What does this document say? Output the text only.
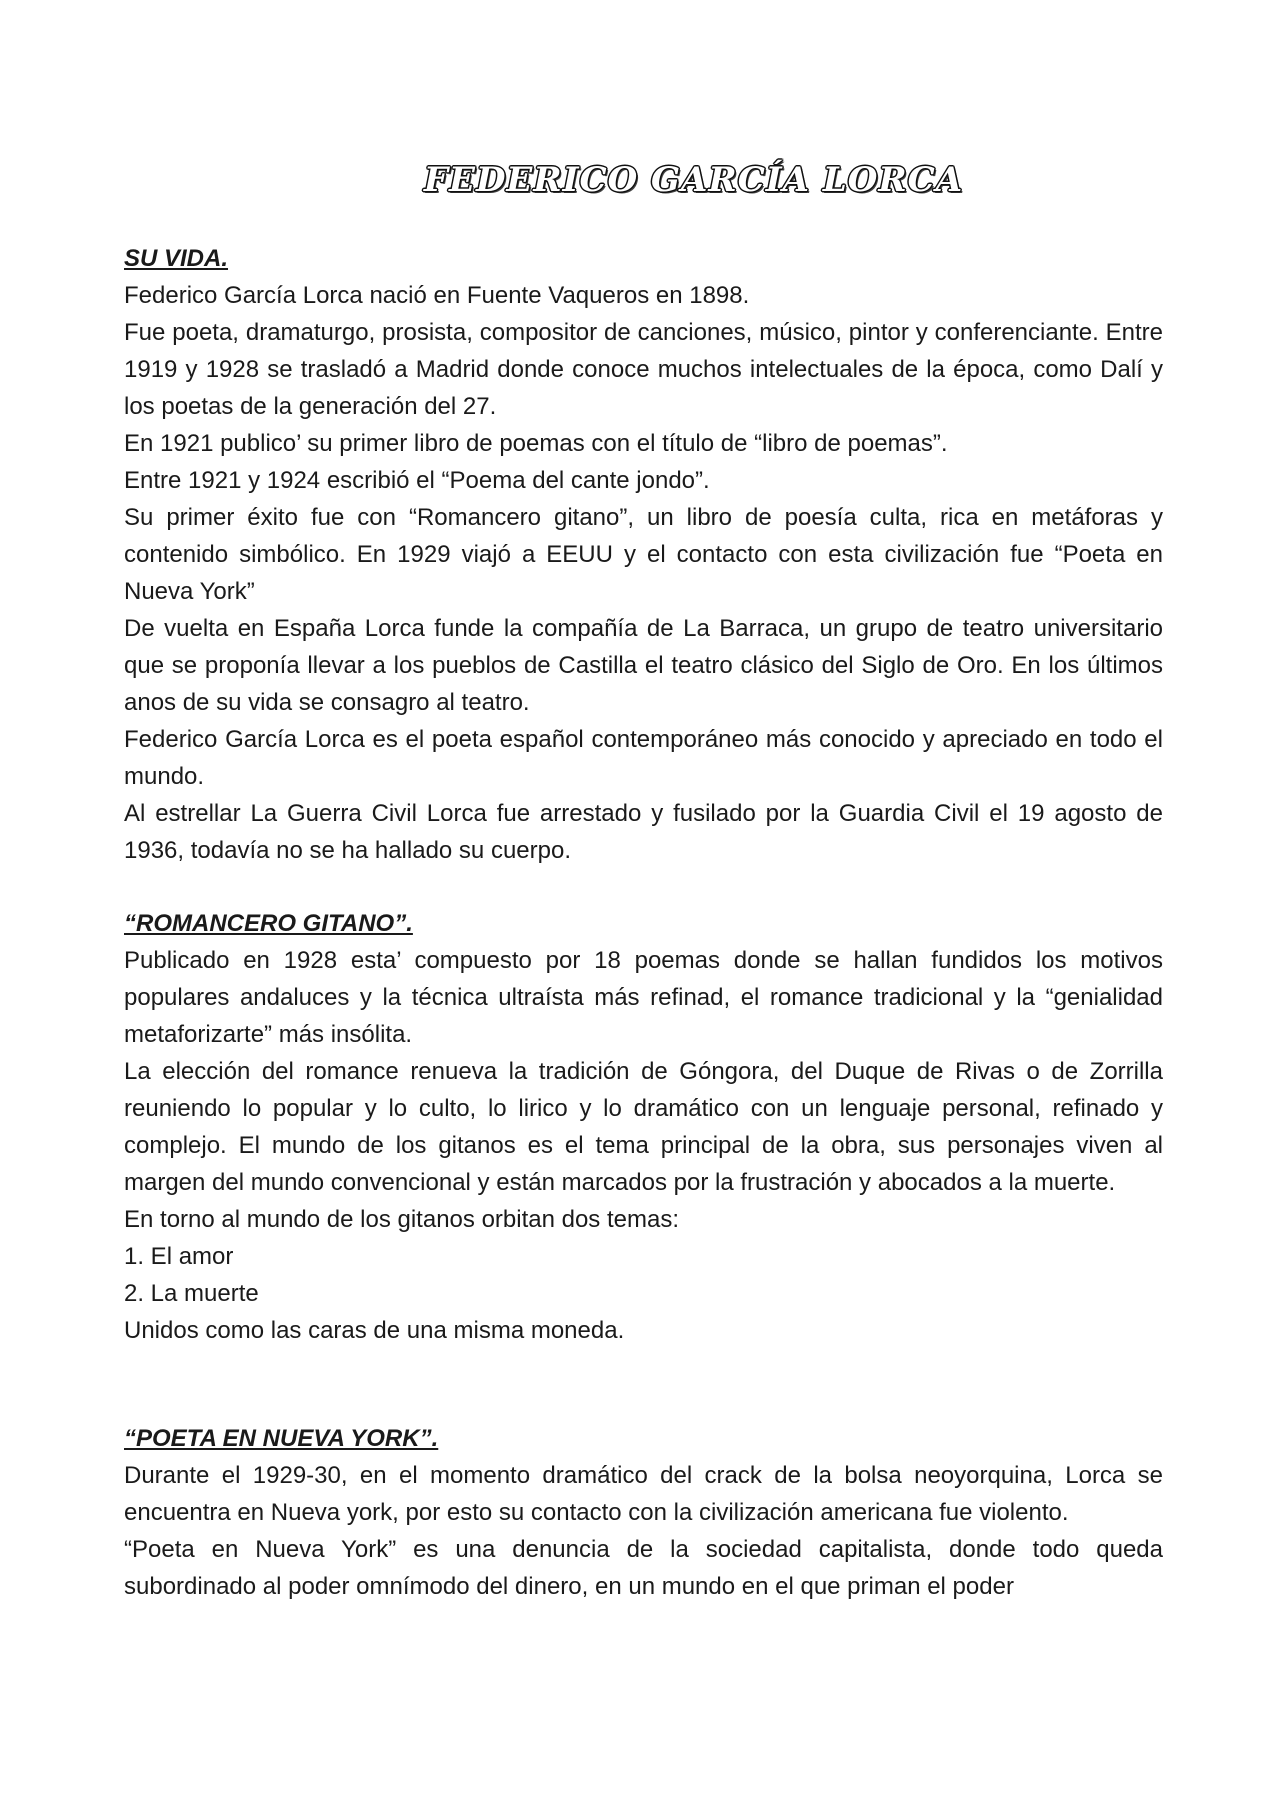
FEDERICO GARCÍA LORCA

SU VIDA.

Federico García Lorca nació en Fuente Vaqueros en 1898.

Fue poeta, dramaturgo, prosista, compositor de canciones, músico, pintor y conferenciante. Entre 1919 y 1928 se trasladó a Madrid donde conoce muchos intelectuales de la época, como Dalí y los poetas de la generación del 27.

En 1921 publico’ su primer libro de poemas con el título de “libro de poemas”.

Entre 1921 y 1924 escribió el “Poema del cante jondo”.

Su primer éxito fue con “Romancero gitano”, un libro de poesía culta, rica en metáforas y contenido simbólico. En 1929 viajó a EEUU y el contacto con esta civilización fue “Poeta en Nueva York”

De vuelta en España Lorca funde la compañía de La Barraca, un grupo de teatro universitario que se proponía llevar a los pueblos de Castilla el teatro clásico del Siglo de Oro. En los últimos anos de su vida se consagro al teatro.

Federico García Lorca es el poeta español contemporáneo más conocido y apreciado en todo el mundo.

Al estrellar La Guerra Civil Lorca fue arrestado y fusilado por la Guardia Civil el 19 agosto de 1936, todavía no se ha hallado su cuerpo.

“ROMANCERO GITANO”.

Publicado en 1928 esta’ compuesto por 18 poemas donde se hallan fundidos los motivos populares andaluces y la técnica ultraísta más refinad, el romance tradicional y la “genialidad metaforizarte” más insólita.

La elección del romance renueva la tradición de Góngora, del Duque de Rivas o de Zorrilla reuniendo lo popular y lo culto, lo lirico y lo dramático con un lenguaje personal, refinado y complejo. El mundo de los gitanos es el tema principal de la obra, sus personajes viven al margen del mundo convencional y están marcados por la frustración y abocados a la muerte.

En torno al mundo de los gitanos orbitan dos temas:

1. El amor

2. La muerte

Unidos como las caras de una misma moneda.

“POETA EN NUEVA YORK”.

Durante el 1929-30, en el momento dramático del crack de la bolsa neoyorquina, Lorca se encuentra en Nueva york, por esto su contacto con la civilización americana fue violento.

“Poeta en Nueva York” es una denuncia de la sociedad capitalista, donde todo queda subordinado al poder omnímodo del dinero, en un mundo en el que priman el poder
